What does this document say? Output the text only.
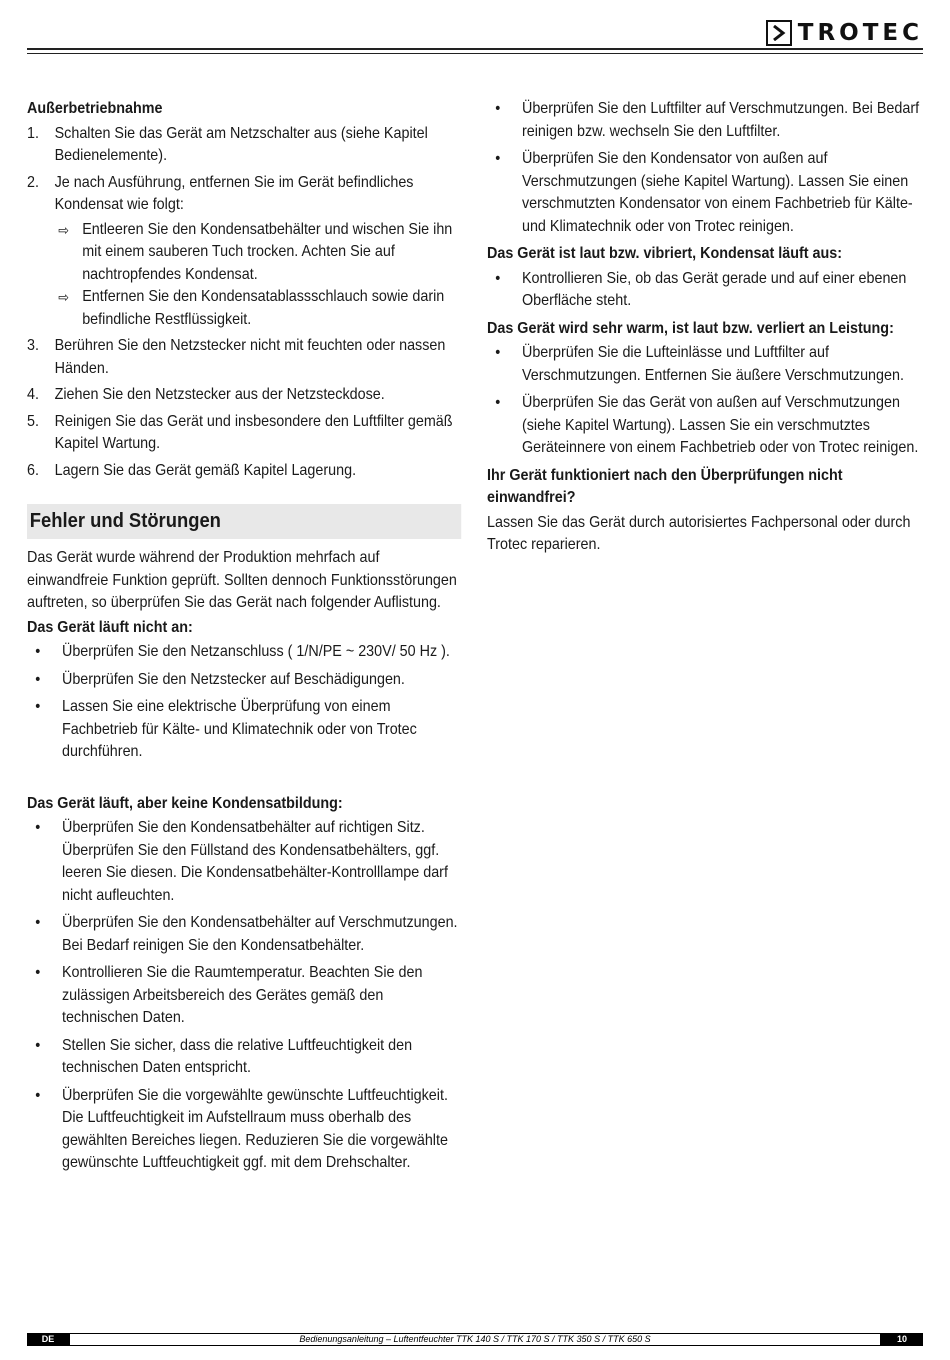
TROTEC
Außerbetriebnahme
1. Schalten Sie das Gerät am Netzschalter aus (siehe Kapitel Bedienelemente).
2. Je nach Ausführung, entfernen Sie im Gerät befindliches Kondensat wie folgt:
⇨ Entleeren Sie den Kondensatbehälter und wischen Sie ihn mit einem sauberen Tuch trocken. Achten Sie auf nachtropfendes Kondensat.
⇨ Entfernen Sie den Kondensatablassschlauch sowie darin befindliche Restflüssigkeit.
3. Berühren Sie den Netzstecker nicht mit feuchten oder nassen Händen.
4. Ziehen Sie den Netzstecker aus der Netzsteckdose.
5. Reinigen Sie das Gerät und insbesondere den Luftfilter gemäß Kapitel Wartung.
6. Lagern Sie das Gerät gemäß Kapitel Lagerung.
Fehler und Störungen
Das Gerät wurde während der Produktion mehrfach auf einwandfreie Funktion geprüft. Sollten dennoch Funktionsstörungen auftreten, so überprüfen Sie das Gerät nach folgender Auflistung.
Das Gerät läuft nicht an:
• Überprüfen Sie den Netzanschluss ( 1/N/PE ~ 230V/ 50 Hz ).
• Überprüfen Sie den Netzstecker auf Beschädigungen.
• Lassen Sie eine elektrische Überprüfung von einem Fachbetrieb für Kälte- und Klimatechnik oder von Trotec durchführen.
Das Gerät läuft, aber keine Kondensatbildung:
• Überprüfen Sie den Kondensatbehälter auf richtigen Sitz. Überprüfen Sie den Füllstand des Kondensatbehälters, ggf. leeren Sie diesen. Die Kondensatbehälter-Kontrolllampe darf nicht aufleuchten.
• Überprüfen Sie den Kondensatbehälter auf Verschmutzungen. Bei Bedarf reinigen Sie den Kondensatbehälter.
• Kontrollieren Sie die Raumtemperatur. Beachten Sie den zulässigen Arbeitsbereich des Gerätes gemäß den technischen Daten.
• Stellen Sie sicher, dass die relative Luftfeuchtigkeit den technischen Daten entspricht.
• Überprüfen Sie die vorgewählte gewünschte Luftfeuchtigkeit. Die Luftfeuchtigkeit im Aufstellraum muss oberhalb des gewählten Bereiches liegen. Reduzieren Sie die vorgewählte gewünschte Luftfeuchtigkeit ggf. mit dem Drehschalter.
• Überprüfen Sie den Luftfilter auf Verschmutzungen. Bei Bedarf reinigen bzw. wechseln Sie den Luftfilter.
• Überprüfen Sie den Kondensator von außen auf Verschmutzungen (siehe Kapitel Wartung). Lassen Sie einen verschmutzten Kondensator von einem Fachbetrieb für Kälte- und Klimatechnik oder von Trotec reinigen.
Das Gerät ist laut bzw. vibriert, Kondensat läuft aus:
• Kontrollieren Sie, ob das Gerät gerade und auf einer ebenen Oberfläche steht.
Das Gerät wird sehr warm, ist laut bzw. verliert an Leistung:
• Überprüfen Sie die Lufteinlässe und Luftfilter auf Verschmutzungen. Entfernen Sie äußere Verschmutzungen.
• Überprüfen Sie das Gerät von außen auf Verschmutzungen (siehe Kapitel Wartung). Lassen Sie ein verschmutztes Geräteinnere von einem Fachbetrieb oder von Trotec reinigen.
Ihr Gerät funktioniert nach den Überprüfungen nicht einwandfrei?
Lassen Sie das Gerät durch autorisiertes Fachpersonal oder durch Trotec reparieren.
DE	Bedienungsanleitung – Luftentfeuchter TTK 140 S / TTK 170 S / TTK 350 S / TTK 650 S	10
